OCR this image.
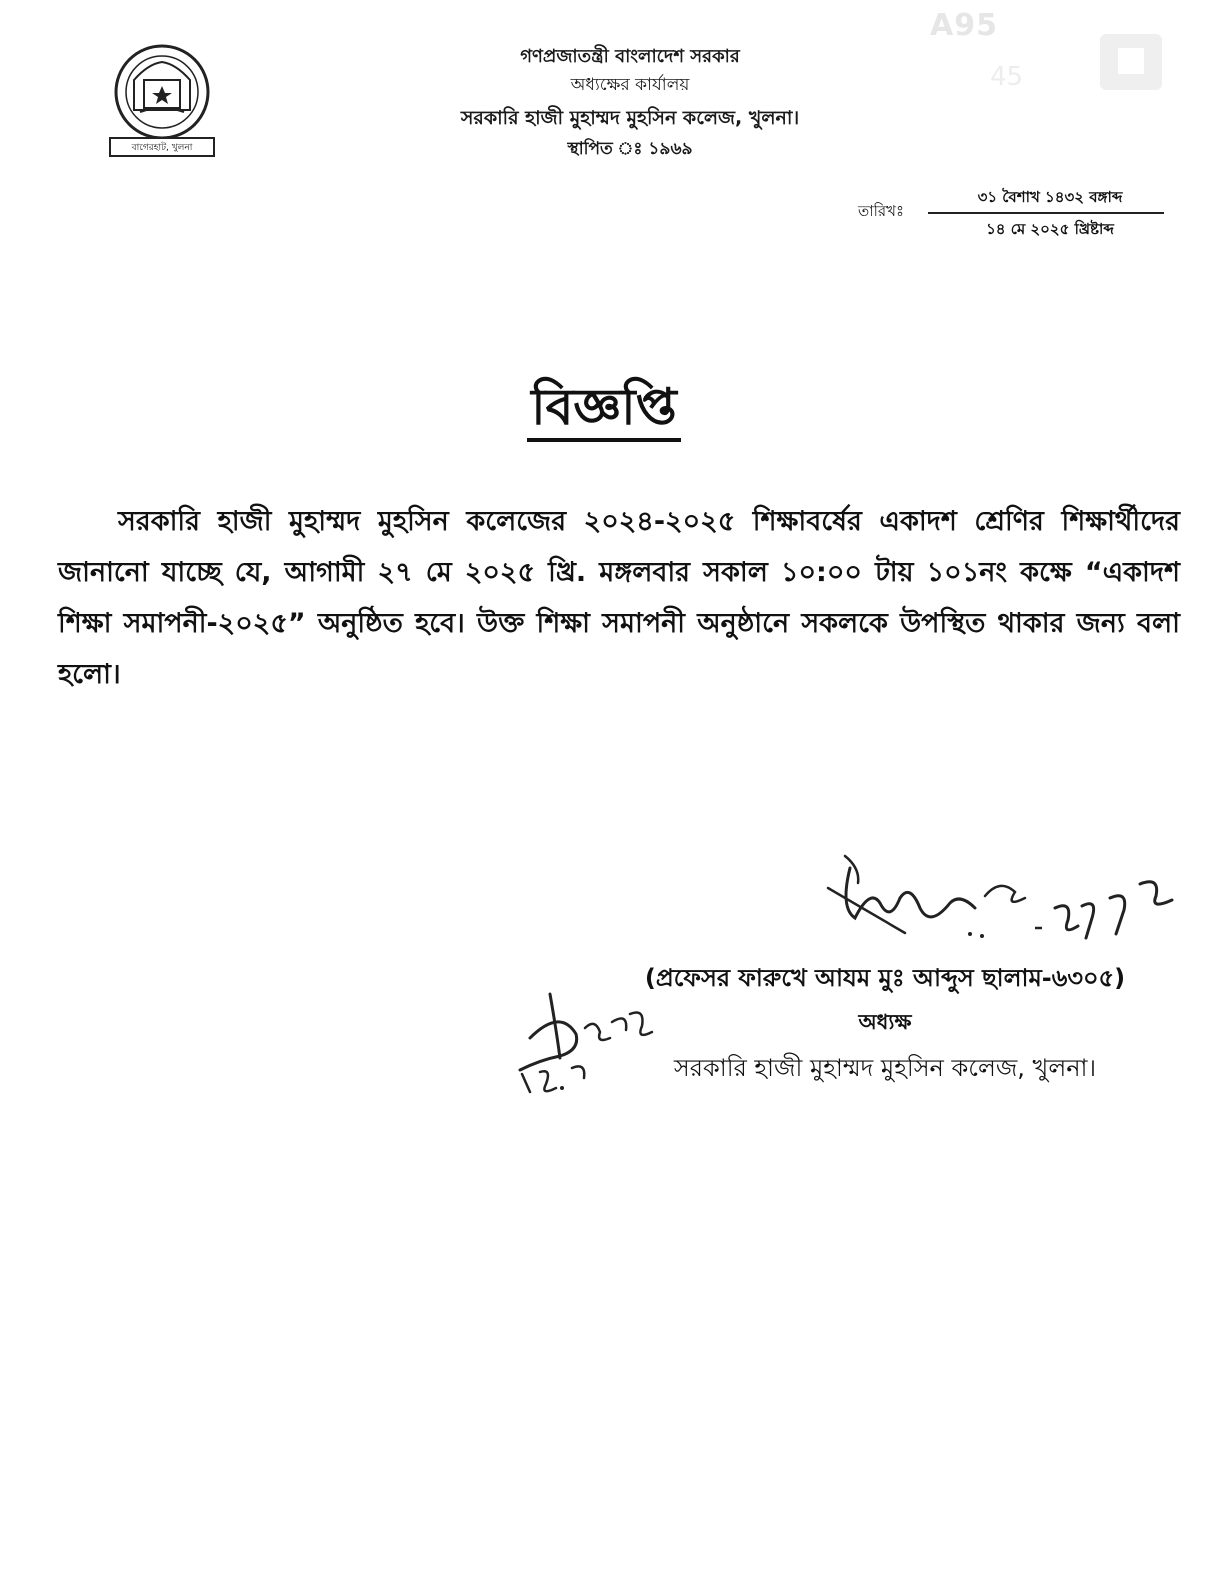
বাগেরহাট, খুলনা
গণপ্রজাতন্ত্রী বাংলাদেশ সরকার
অধ্যক্ষের কার্যালয়
সরকারি হাজী মুহাম্মদ মুহসিন কলেজ, খুলনা।
স্থাপিত ঃ ১৯৬৯
A95
45
তারিখঃ
৩১ বৈশাখ ১৪৩২ বঙ্গাব্দ
১৪ মে ২০২৫ খ্রিষ্টাব্দ
বিজ্ঞপ্তি
সরকারি হাজী মুহাম্মদ মুহসিন কলেজের ২০২৪-২০২৫ শিক্ষাবর্ষের একাদশ শ্রেণির শিক্ষার্থীদের জানানো যাচ্ছে যে, আগামী ২৭ মে ২০২৫ খ্রি. মঙ্গলবার সকাল ১০:০০ টায় ১০১নং কক্ষে “একাদশ শিক্ষা সমাপনী-২০২৫” অনুষ্ঠিত হবে। উক্ত শিক্ষা সমাপনী অনুষ্ঠানে সকলকে উপস্থিত থাকার জন্য বলা হলো।
(প্রফেসর ফারুখে আযম মুঃ আব্দুস ছালাম-৬৩০৫)
অধ্যক্ষ
সরকারি হাজী মুহাম্মদ মুহসিন কলেজ, খুলনা।
